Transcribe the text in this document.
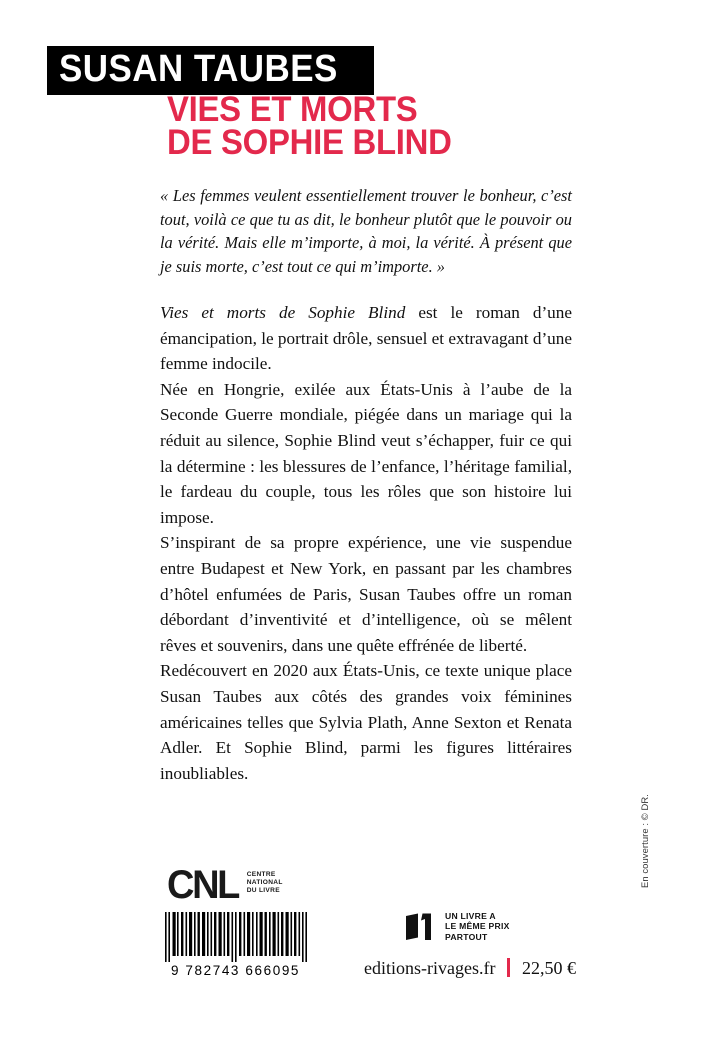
SUSAN TAUBES
VIES ET MORTS
DE SOPHIE BLIND

« Les femmes veulent essentiellement trouver le bonheur, c’est tout, voilà ce que tu as dit, le bonheur plutôt que le pouvoir ou la vérité. Mais elle m’importe, à moi, la vérité. À présent que je suis morte, c’est tout ce qui m’importe. »

Vies et morts de Sophie Blind est le roman d’une émancipation, le portrait drôle, sensuel et extravagant d’une femme indocile.

Née en Hongrie, exilée aux États-Unis à l’aube de la Seconde Guerre mondiale, piégée dans un mariage qui la réduit au silence, Sophie Blind veut s’échapper, fuir ce qui la détermine : les blessures de l’enfance, l’héritage familial, le fardeau du couple, tous les rôles que son histoire lui impose.

S’inspirant de sa propre expérience, une vie suspendue entre Budapest et New York, en passant par les chambres d’hôtel enfumées de Paris, Susan Taubes offre un roman débordant d’inventivité et d’intelligence, où se mêlent rêves et souvenirs, dans une quête effrénée de liberté.

Redécouvert en 2020 aux États-Unis, ce texte unique place Susan Taubes aux côtés des grandes voix féminines américaines telles que Sylvia Plath, Anne Sexton et Renata Adler. Et Sophie Blind, parmi les figures littéraires inoubliables.

CNL CENTRE
NATIONAL
DU LIVRE
9 782743 666095
UN LIVRE A
LE MÊME PRIX
PARTOUT
editions-rivages.fr 22,50 €
En couverture : © DR.
